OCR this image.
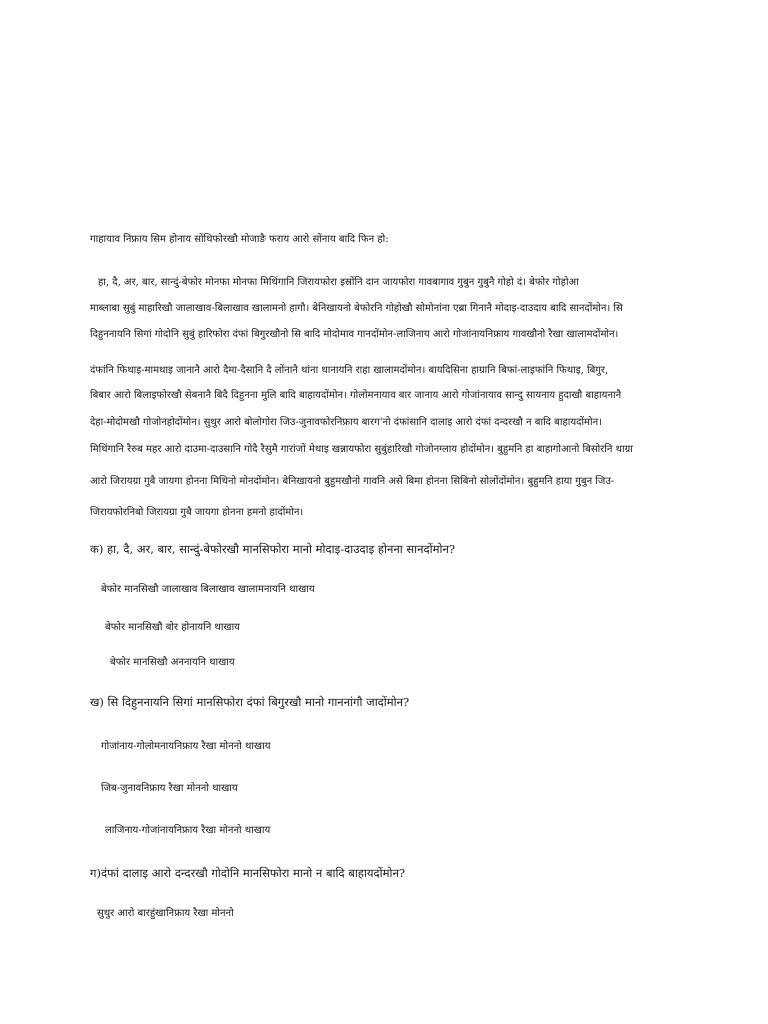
गाहायाव निफ्राय सिम होनाय सोंथिफोरखौ मोजाङै फराय आरो सोंनाय बादि फिन हो:
हा, दै, अर, बार, सान्दुं-बेफोर मोनफा मोनफा मिथिंगानि जिरायफोरा इस्रोंनि दान जायफोरा गावबागाव गुबुन गुबुनै गोहो दं। बेफोर गोहोआ
माब्लाबा सुबुं माहारिखौ जालाखाव-बिलाखाव खालामनो हागौ। बेनिखायनो बेफोरनि गोहोखौ सोमोनांना एब्रा गिनानै मोदाइ-दाउदाय बादि सानदोंमोन। सि
दिहुननायनि सिगां गोदोनि सुबुं हारिफोरा दंफां बिगुरखौनो सि बादि मोदोमाव गानदोंमोन-लाजिनाय आरो गोजांनायनिफ्राय गावखौनो रैखा खालामदोंमोन।
दंफांनि फिथाइ-मामथाइ जानानै आरो दैमा-दैसानि दै लोंनानै थांना थानायनि राहा खालामदोंमोन। बायदिसिना हाग्रानि बिफां-लाइफांनि फिथाइ, बिगुर,
बिबार आरो बिलाइफोरखौ सेबनानै बिदै दिहुनना मुलि बादि बाहायदोंमोन। गोलोमनायाव बार जानाय आरो गोजांनायाव सान्दु सायनाय हुदाखौ बाहायनानै
देहा-मोदोमखौ गोजोनहोदोंमोन। सुथुर आरो बोलोगोरा जिउ-जुनावफोरनिफ्राय बारग'नो दंफांसानि दालाइ आरो दंफां दन्दरखौ न बादि बाहायदोंमोन।
मिथिंगानि रैरुब महर आरो दाउमा-दाउसानि गोदै रैसुमै गारांजों मेथाइ खन्नायफोरा सुबुंहारिखौ गोजोनग्लाय होदोंमोन। बुहुमनि हा बाहागोआनो बिसोरनि थाग्रा
आरो जिरायग्रा गुबै जायगा होनना मिथिनो मोनदोंमोन। बेनिखायनो बुहुमखौनो गावनि असे बिमा होनना सिबिनो सोलोंदोंमोन। बुहुमनि हाया गुबुन जिउ-
जिरायफोरनिबो जिरायग्रा गुबै जायगा होनना हमनो हादोंमोन।
क) हा, दै, अर, बार, सान्दुं-बेफोरखौ मानसिफोरा मानो मोदाइ-दाउदाइ होनना सानदोंमोन?
बेफोर मानसिखौ जालाखाव बिलाखाव खालामनायनि थाखाय
बेफोर मानसिखौ बोर होनायनि थाखाय
बेफोर मानसिखौ अननायनि थाखाय
ख) सि दिहुननायनि सिगां मानसिफोरा दंफां बिगुरखौ मानो गाननांगौ जादोंमोन?
गोजांनाय-गोलोमनायनिफ्राय रैखा मोननो थाखाय
जिब-जुनावनिफ्राय रैखा मोननो थाखाय
लाजिनाय-गोजांनायनिफ्राय रैखा मोननो थाखाय
ग)दंफां दालाइ आरो दन्दरखौ गोदोनि मानसिफोरा मानो न बादि बाहायदोंमोन?
सुथुर आरो बारहुंखानिफ्राय रैखा मोननो
